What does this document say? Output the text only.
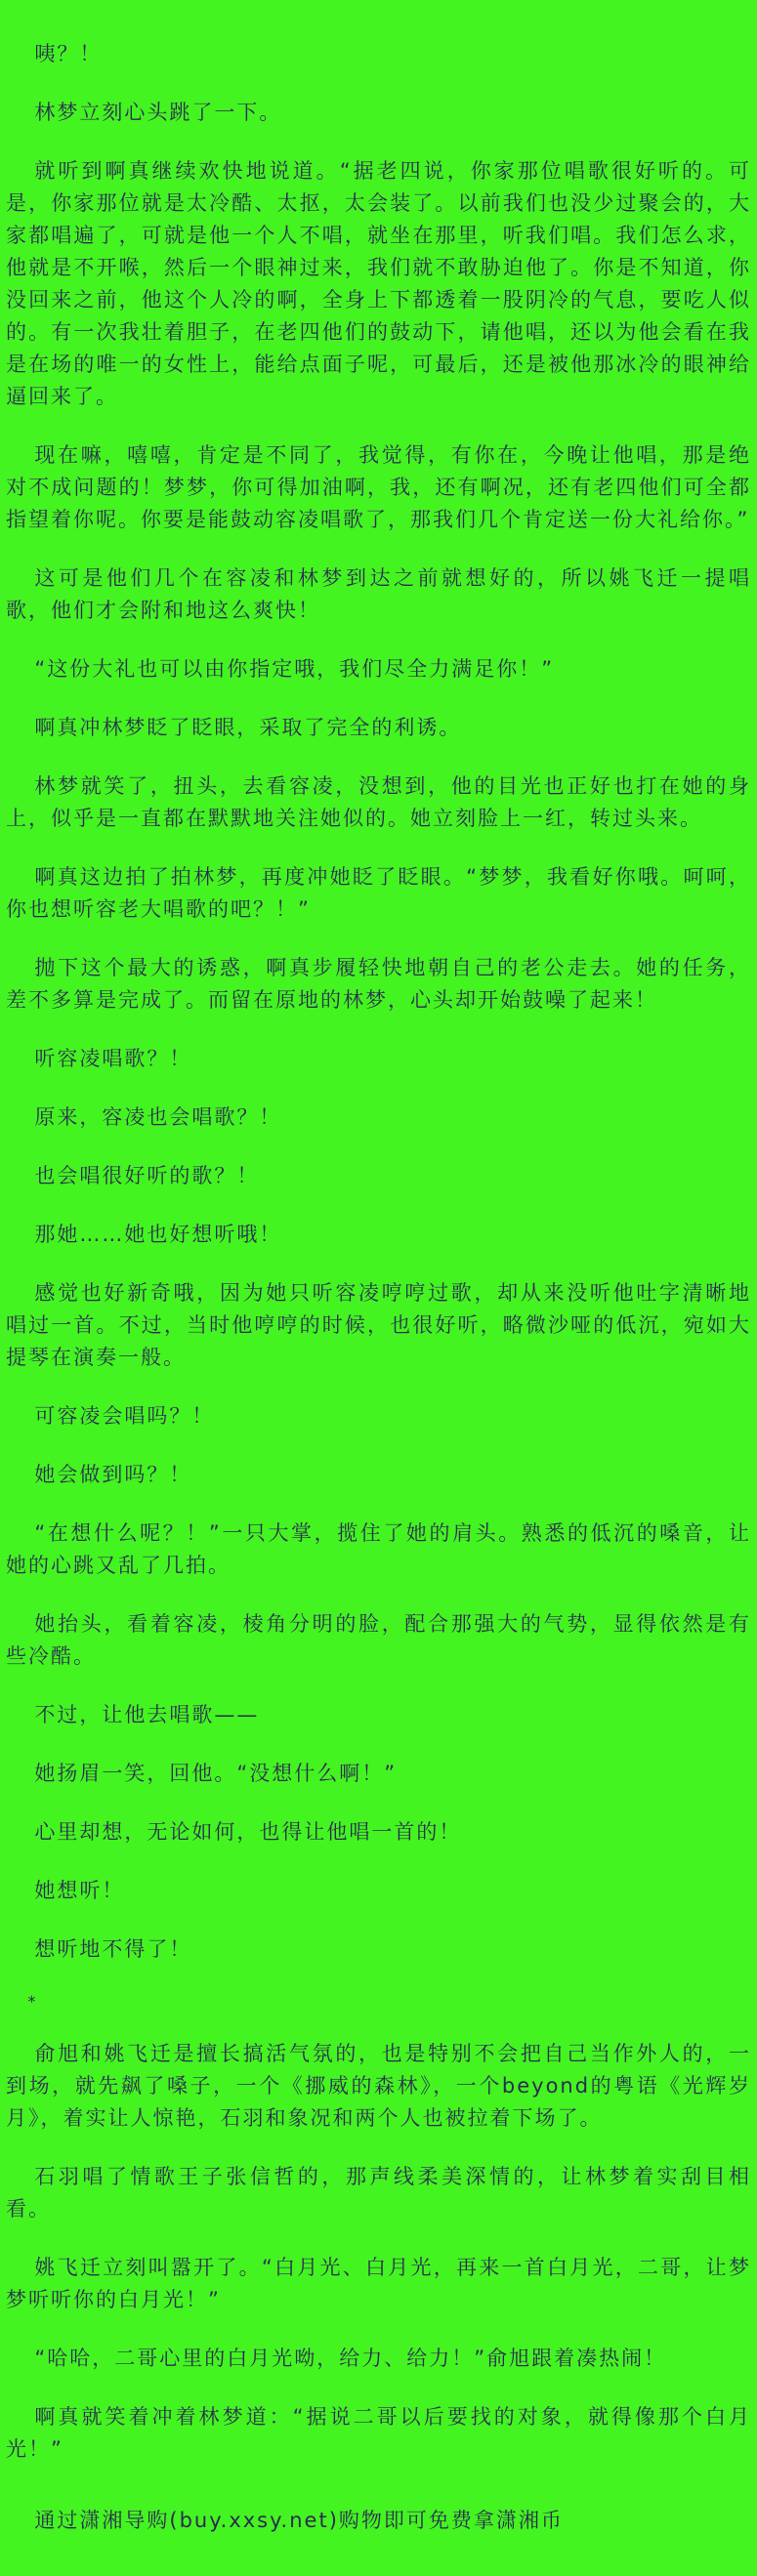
咦？！

林梦立刻心头跳了一下。

就听到啊真继续欢快地说道。“据老四说，你家那位唱歌很好听的。可是，你家那位就是太冷酷、太抠，太会装了。以前我们也没少过聚会的，大家都唱遍了，可就是他一个人不唱，就坐在那里，听我们唱。我们怎么求，他就是不开喉，然后一个眼神过来，我们就不敢胁迫他了。你是不知道，你没回来之前，他这个人冷的啊，全身上下都透着一股阴冷的气息，要吃人似的。有一次我壮着胆子，在老四他们的鼓动下，请他唱，还以为他会看在我是在场的唯一的女性上，能给点面子呢，可最后，还是被他那冰冷的眼神给逼回来了。

现在嘛，嘻嘻，肯定是不同了，我觉得，有你在，今晚让他唱，那是绝对不成问题的！梦梦，你可得加油啊，我，还有啊况，还有老四他们可全都指望着你呢。你要是能鼓动容凌唱歌了，那我们几个肯定送一份大礼给你。”

这可是他们几个在容凌和林梦到达之前就想好的，所以姚飞迁一提唱歌，他们才会附和地这么爽快！

“这份大礼也可以由你指定哦，我们尽全力满足你！”

啊真冲林梦眨了眨眼，采取了完全的利诱。

林梦就笑了，扭头，去看容凌，没想到，他的目光也正好也打在她的身上，似乎是一直都在默默地关注她似的。她立刻脸上一红，转过头来。

啊真这边拍了拍林梦，再度冲她眨了眨眼。“梦梦，我看好你哦。呵呵，你也想听容老大唱歌的吧？！”

抛下这个最大的诱惑，啊真步履轻快地朝自己的老公走去。她的任务，差不多算是完成了。而留在原地的林梦，心头却开始鼓噪了起来！

听容凌唱歌？！

原来，容凌也会唱歌？！

也会唱很好听的歌？！

那她……她也好想听哦！

感觉也好新奇哦，因为她只听容凌哼哼过歌，却从来没听他吐字清晰地唱过一首。不过，当时他哼哼的时候，也很好听，略微沙哑的低沉，宛如大提琴在演奏一般。

可容凌会唱吗？！

她会做到吗？！

“在想什么呢？！”一只大掌，揽住了她的肩头。熟悉的低沉的嗓音，让她的心跳又乱了几拍。

她抬头，看着容凌，棱角分明的脸，配合那强大的气势，显得依然是有些冷酷。

不过，让他去唱歌——

她扬眉一笑，回他。“没想什么啊！”

心里却想，无论如何，也得让他唱一首的！

她想听！

想听地不得了！

*

俞旭和姚飞迁是擅长搞活气氛的，也是特别不会把自己当作外人的，一到场，就先飙了嗓子，一个《挪威的森林》，一个beyond的粤语《光辉岁月》，着实让人惊艳，石羽和象况和两个人也被拉着下场了。

石羽唱了情歌王子张信哲的，那声线柔美深情的，让林梦着实刮目相看。

姚飞迁立刻叫嚣开了。“白月光、白月光，再来一首白月光，二哥，让梦梦听听你的白月光！”

“哈哈，二哥心里的白月光呦，给力、给力！”俞旭跟着凑热闹！

啊真就笑着冲着林梦道：“据说二哥以后要找的对象，就得像那个白月光！”

通过潇湘导购(buy.xxsy.net)购物即可免费拿潇湘币
